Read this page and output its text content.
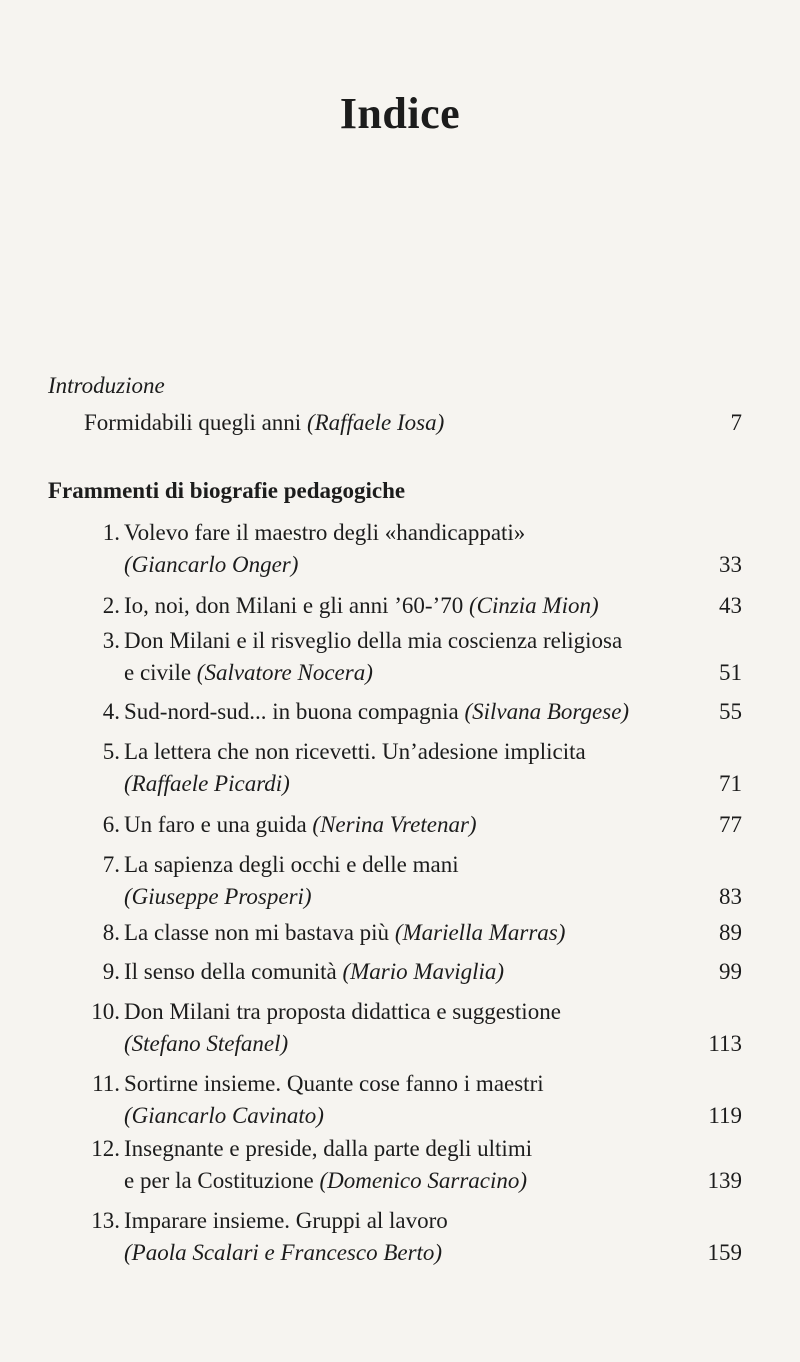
Indice
Introduzione
Formidabili quegli anni (Raffaele Iosa)	7
Frammenti di biografie pedagogiche
1. Volevo fare il maestro degli «handicappati»
(Giancarlo Onger)	33
2. Io, noi, don Milani e gli anni ’60-’70 (Cinzia Mion)	43
3. Don Milani e il risveglio della mia coscienza religiosa
e civile (Salvatore Nocera)	51
4. Sud-nord-sud... in buona compagnia (Silvana Borgese)	55
5. La lettera che non ricevetti. Un’adesione implicita
(Raffaele Picardi)	71
6. Un faro e una guida (Nerina Vretenar)	77
7. La sapienza degli occhi e delle mani
(Giuseppe Prosperi)	83
8. La classe non mi bastava più (Mariella Marras)	89
9. Il senso della comunità (Mario Maviglia)	99
10. Don Milani tra proposta didattica e suggestione
(Stefano Stefanel)	113
11. Sortirne insieme. Quante cose fanno i maestri
(Giancarlo Cavinato)	119
12. Insegnante e preside, dalla parte degli ultimi
e per la Costituzione (Domenico Sarracino)	139
13. Imparare insieme. Gruppi al lavoro
(Paola Scalari e Francesco Berto)	159
